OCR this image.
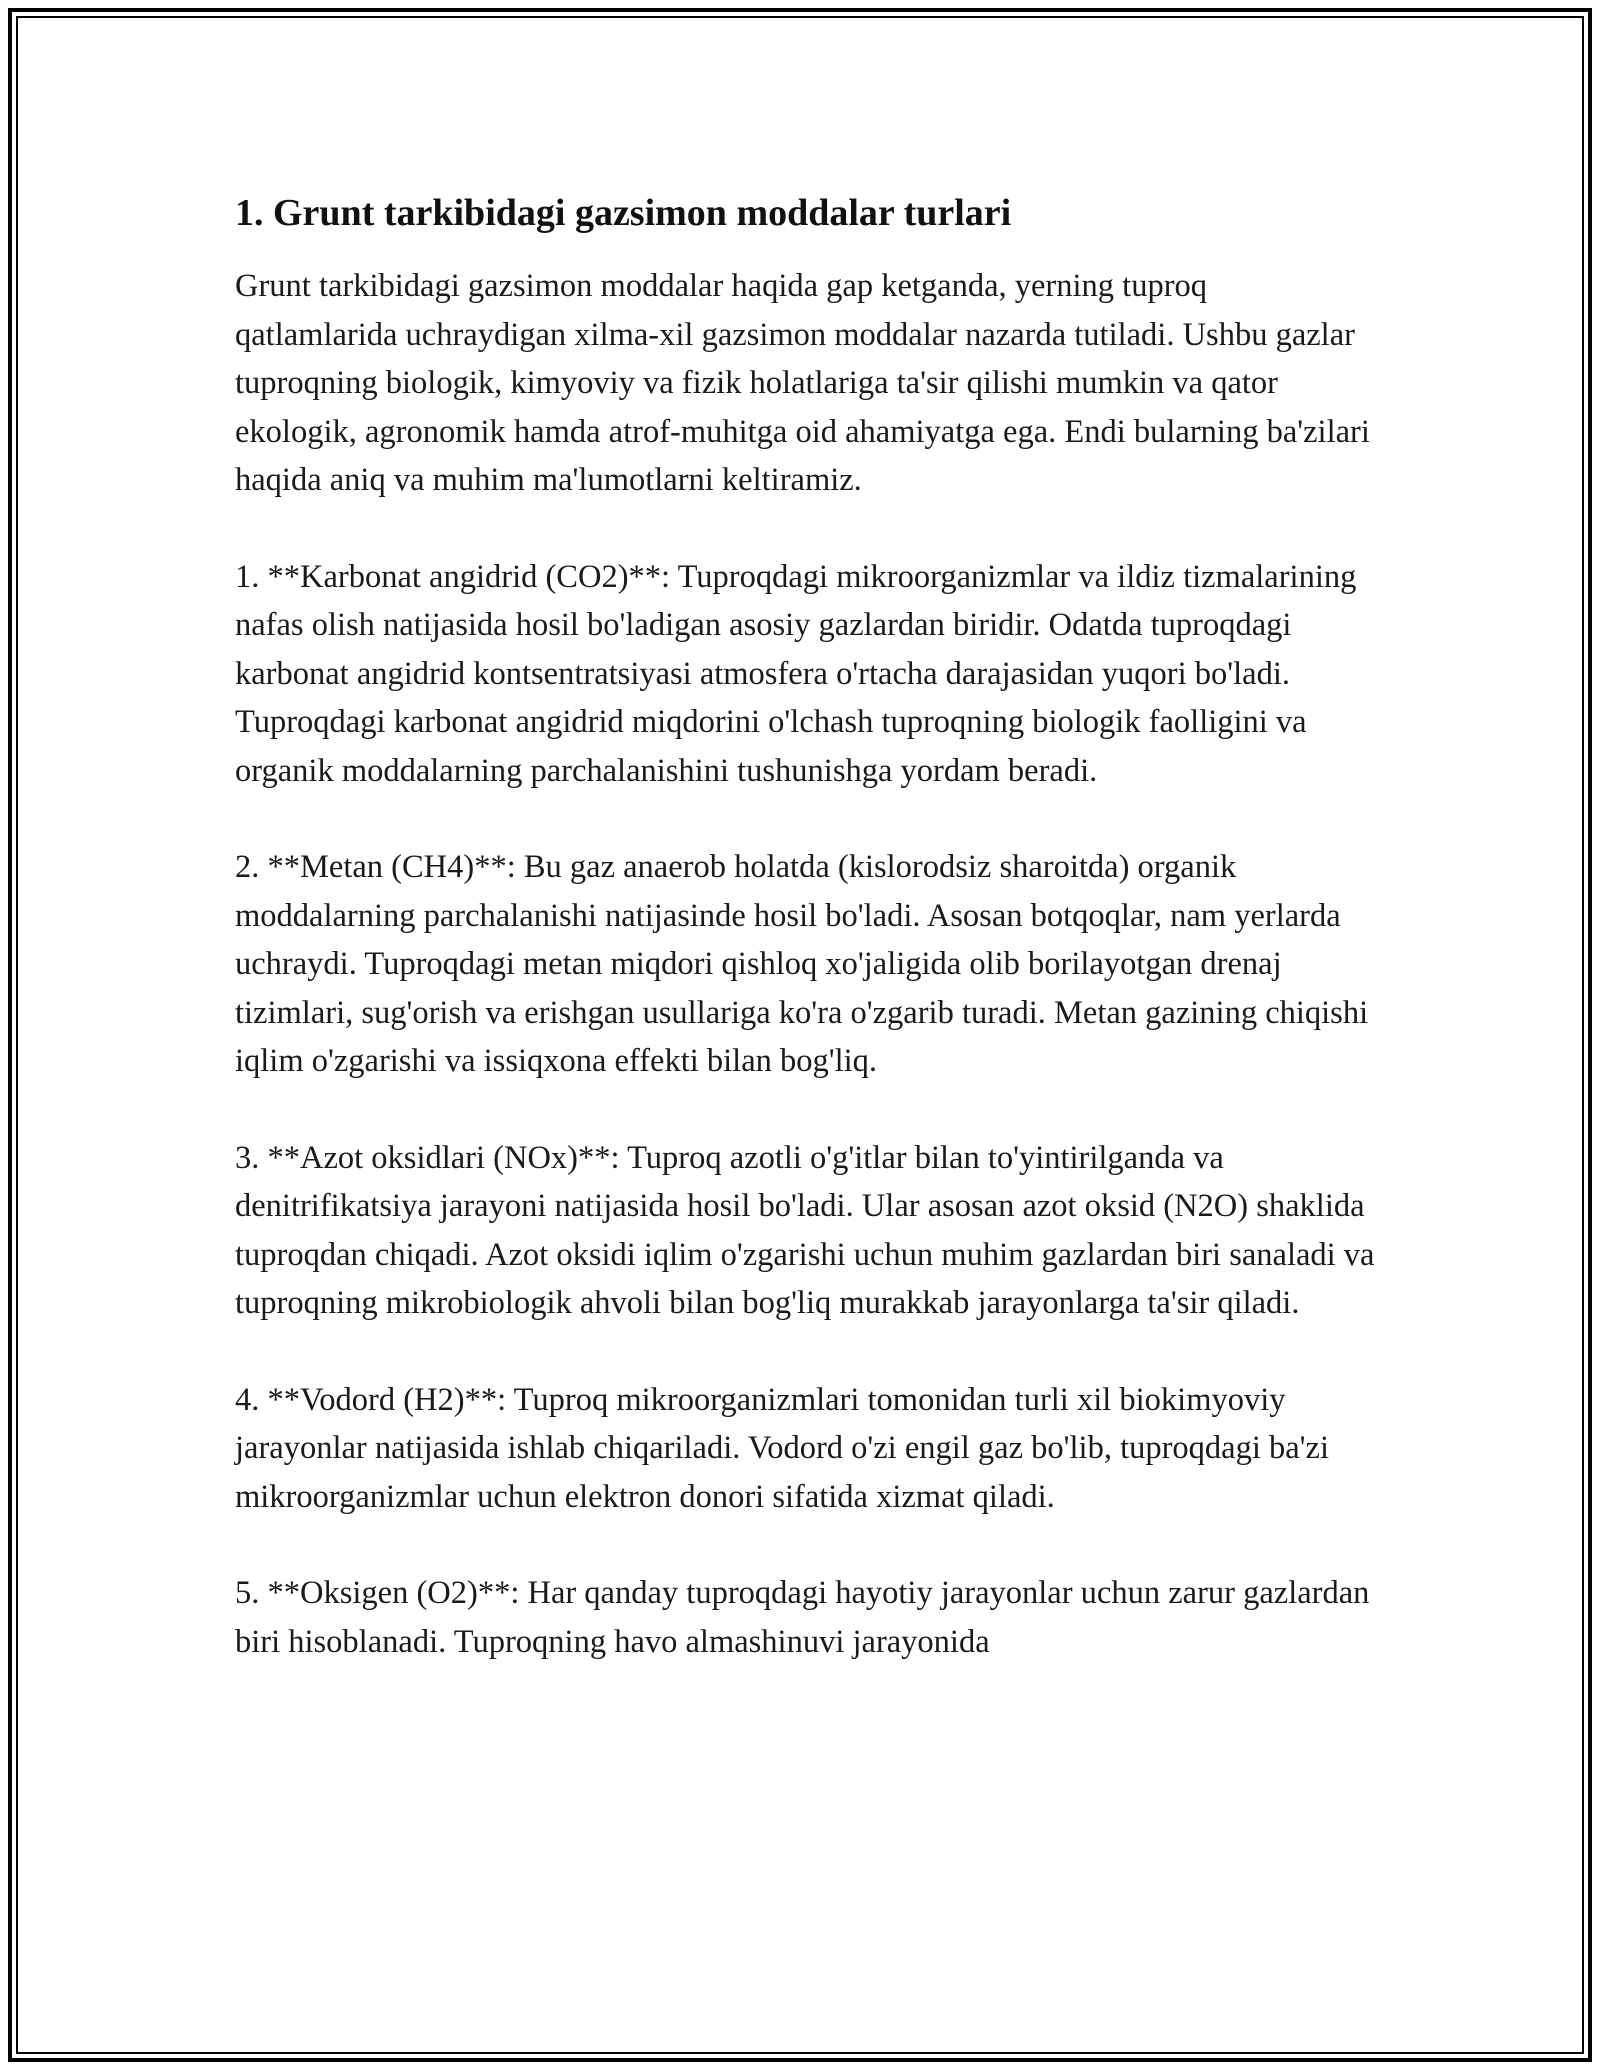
1. Grunt tarkibidagi gazsimon moddalar turlari

Grunt tarkibidagi gazsimon moddalar haqida gap ketganda, yerning tuproq qatlamlarida uchraydigan xilma-xil gazsimon moddalar nazarda tutiladi. Ushbu gazlar tuproqning biologik, kimyoviy va fizik holatlariga ta'sir qilishi mumkin va qator ekologik, agronomik hamda atrof-muhitga oid ahamiyatga ega. Endi bularning ba'zilari haqida aniq va muhim ma'lumotlarni keltiramiz.

1. **Karbonat angidrid (CO2)**: Tuproqdagi mikroorganizmlar va ildiz tizmalarining nafas olish natijasida hosil bo'ladigan asosiy gazlardan biridir. Odatda tuproqdagi karbonat angidrid kontsentratsiyasi atmosfera o'rtacha darajasidan yuqori bo'ladi. Tuproqdagi karbonat angidrid miqdorini o'lchash tuproqning biologik faolligini va organik moddalarning parchalanishini tushunishga yordam beradi.

2. **Metan (CH4)**: Bu gaz anaerob holatda (kislorodsiz sharoitda) organik moddalarning parchalanishi natijasinde hosil bo'ladi. Asosan botqoqlar, nam yerlarda uchraydi. Tuproqdagi metan miqdori qishloq xo'jaligida olib borilayotgan drenaj tizimlari, sug'orish va erishgan usullariga ko'ra o'zgarib turadi. Metan gazining chiqishi iqlim o'zgarishi va issiqxona effekti bilan bog'liq.

3. **Azot oksidlari (NOx)**: Tuproq azotli o'g'itlar bilan to'yintirilganda va denitrifikatsiya jarayoni natijasida hosil bo'ladi. Ular asosan azot oksid (N2O) shaklida tuproqdan chiqadi. Azot oksidi iqlim o'zgarishi uchun muhim gazlardan biri sanaladi va tuproqning mikrobiologik ahvoli bilan bog'liq murakkab jarayonlarga ta'sir qiladi.

4. **Vodord (H2)**: Tuproq mikroorganizmlari tomonidan turli xil biokimyoviy jarayonlar natijasida ishlab chiqariladi. Vodord o'zi engil gaz bo'lib, tuproqdagi ba'zi mikroorganizmlar uchun elektron donori sifatida xizmat qiladi.

5. **Oksigen (O2)**: Har qanday tuproqdagi hayotiy jarayonlar uchun zarur gazlardan biri hisoblanadi. Tuproqning havo almashinuvi jarayonida
